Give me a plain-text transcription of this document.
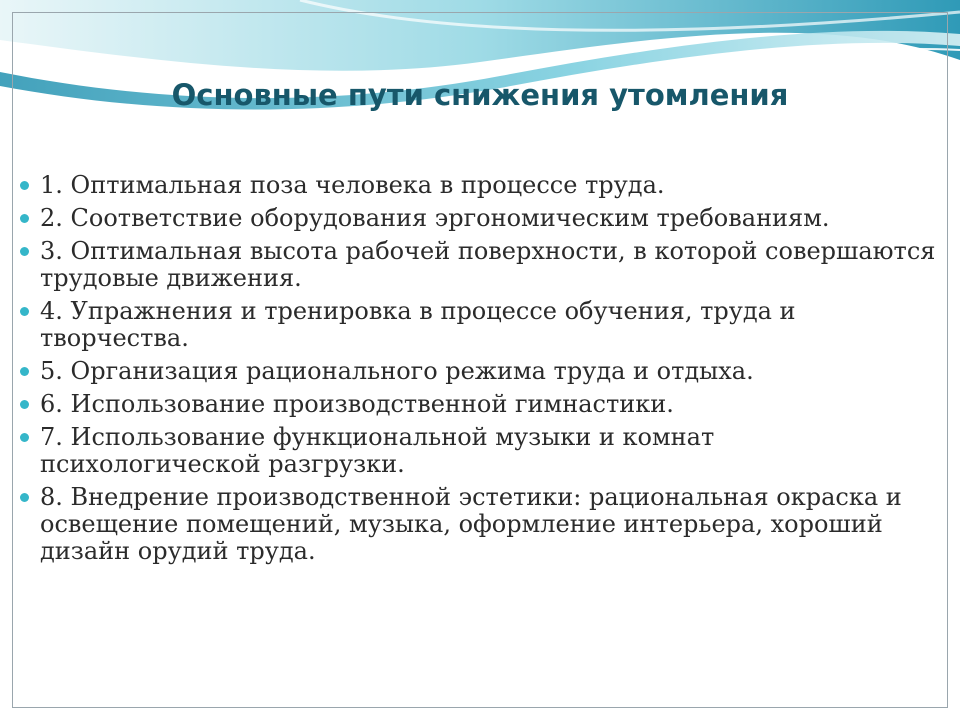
Основные пути снижения утомления
1. Оптимальная поза человека в процессе труда.
2. Соответствие оборудования эргономическим требованиям.
3. Оптимальная высота рабочей поверхности, в которой совершаются трудовые движения.
4. Упражнения и тренировка в процессе обучения, труда и творчества.
5. Организация рационального режима труда и отдыха.
6. Использование производственной гимнастики.
7. Использование функциональной музыки и комнат психологической разгрузки.
8. Внедрение производственной эстетики: рациональная окраска и освещение помещений, музыка, оформление интерьера, хороший дизайн орудий труда.
